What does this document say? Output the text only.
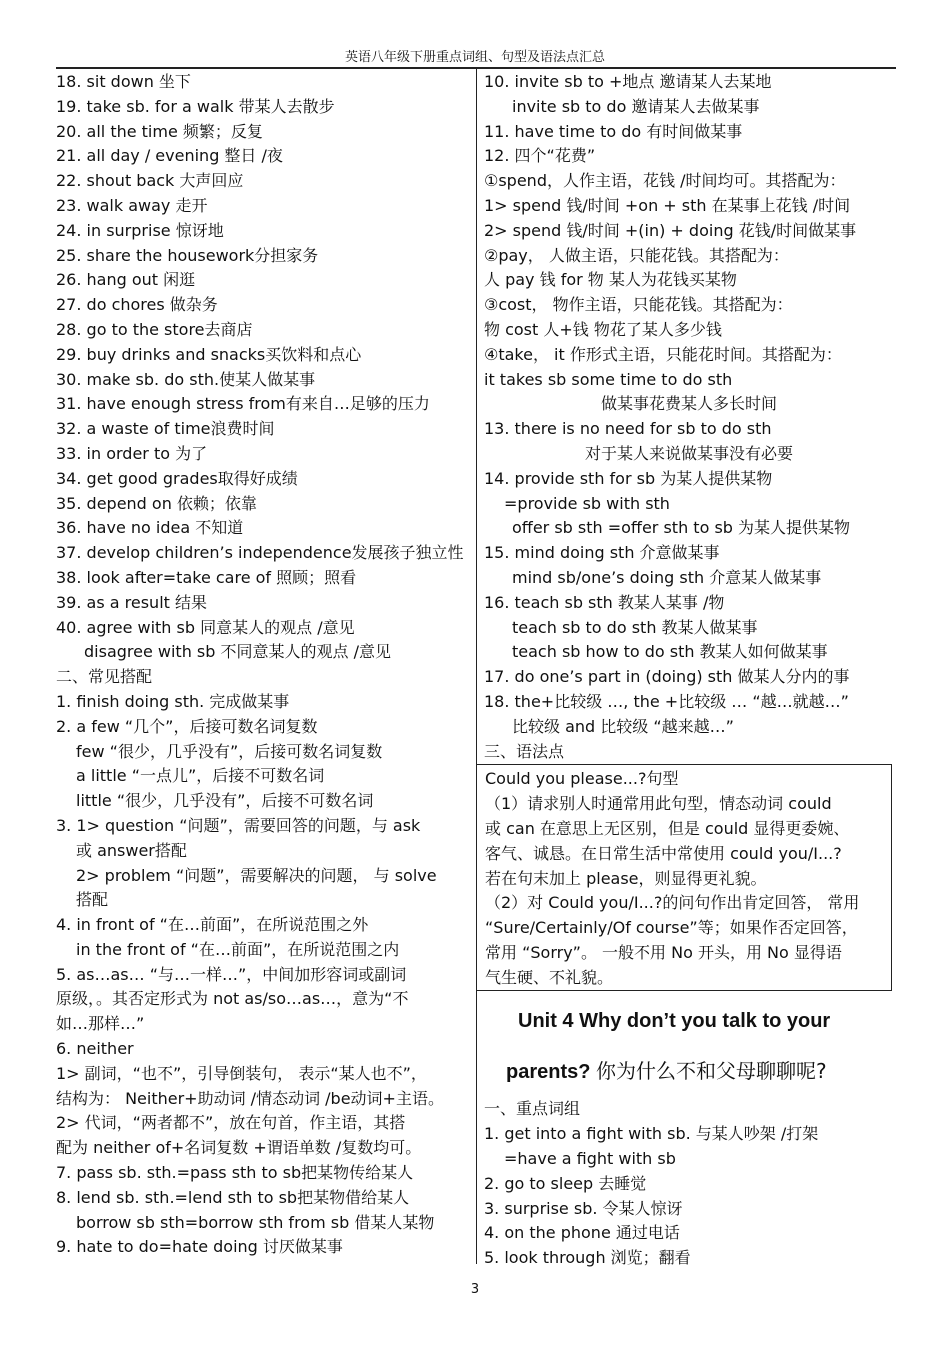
英语八年级下册重点词组、句型及语法点汇总
18. sit down 坐下
19. take sb. for a walk 带某人去散步
20. all the time 频繁；反复
21. all day / evening 整日 /夜
22. shout back 大声回应
23. walk away 走开
24. in surprise 惊讶地
25. share the housework分担家务
26. hang out 闲逛
27. do chores 做杂务
28. go to the store去商店
29. buy drinks and snacks买饮料和点心
30. make sb. do sth.使某人做某事
31. have enough stress from有来自…足够的压力
32. a waste of time浪费时间
33. in order to 为了
34. get good grades取得好成绩
35. depend on 依赖；依靠
36. have no idea 不知道
37. develop children’s independence发展孩子独立性
38. look after=take care of 照顾；照看
39. as a result 结果
40. agree with sb 同意某人的观点 /意见
disagree with sb 不同意某人的观点 /意见
二、常见搭配
1. finish doing sth. 完成做某事
2. a few “几个”，后接可数名词复数
few “很少，几乎没有”，后接可数名词复数
a little “一点儿”，后接不可数名词
little “很少，几乎没有”，后接不可数名词
3. 1> question “问题”，需要回答的问题，与 ask
或 answer搭配
2> problem “问题”，需要解决的问题， 与 solve
搭配
4. in front of “在…前面”，在所说范围之外
in the front of “在…前面”，在所说范围之内
5. as…as… “与…一样…”，中间加形容词或副词
原级，。其否定形式为 not as/so…as…，意为“不
如…那样…”
6. neither
1> 副词，“也不”，引导倒装句， 表示“某人也不”，
结构为： Neither+助动词 /情态动词 /be动词+主语。
2> 代词，“两者都不”，放在句首，作主语，其搭
配为 neither of+名词复数 +谓语单数 /复数均可。
7. pass sb. sth.=pass sth to sb把某物传给某人
8. lend sb. sth.=lend sth to sb把某物借给某人
borrow sb sth=borrow sth from sb 借某人某物
9. hate to do=hate doing 讨厌做某事
10. invite sb to +地点 邀请某人去某地
invite sb to do 邀请某人去做某事
11. have time to do 有时间做某事
12. 四个“花费”
①spend，人作主语，花钱 /时间均可。其搭配为：
1> spend 钱/时间 +on + sth 在某事上花钱 /时间
2> spend 钱/时间 +(in) + doing 花钱/时间做某事
②pay， 人做主语，只能花钱。其搭配为：
人 pay 钱 for 物 某人为花钱买某物
③cost， 物作主语，只能花钱。其搭配为：
物 cost 人+钱 物花了某人多少钱
④take， it 作形式主语，只能花时间。其搭配为：
it takes sb some time to do sth
做某事花费某人多长时间
13. there is no need for sb to do sth
对于某人来说做某事没有必要
14. provide sth for sb 为某人提供某物
=provide sb with sth
offer sb sth =offer sth to sb 为某人提供某物
15. mind doing sth 介意做某事
mind sb/one’s doing sth 介意某人做某事
16. teach sb sth 教某人某事 /物
teach sb to do sth 教某人做某事
teach sb how to do sth 教某人如何做某事
17. do one’s part in (doing) sth 做某人分内的事
18. the+比较级 …, the +比较级 … “越…就越…”
比较级 and 比较级 “越来越…”
三、语法点
Could you please...?句型
（1）请求别人时通常用此句型，情态动词 could
或 can 在意思上无区别，但是 could 显得更委婉、
客气、诚恳。在日常生活中常使用 could you/I...?
若在句末加上 please，则显得更礼貌。
（2）对 Could you/I...?的问句作出肯定回答， 常用
“Sure/Certainly/Of course”等；如果作否定回答，
常用 “Sorry”。 一般不用 No 开头，用 No 显得语
气生硬、不礼貌。
Unit 4 Why don’t you talk to your
parents? 你为什么不和父母聊聊呢?
一、重点词组
1. get into a fight with sb. 与某人吵架 /打架
=have a fight with sb
2. go to sleep 去睡觉
3. surprise sb. 令某人惊讶
4. on the phone 通过电话
5. look through 浏览；翻看
3
